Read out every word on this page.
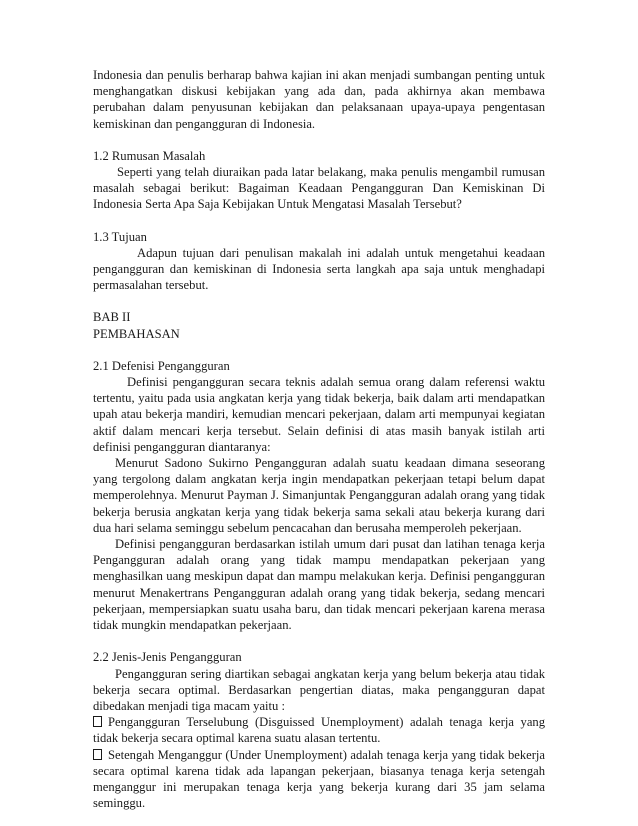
Indonesia dan penulis berharap bahwa kajian ini akan menjadi sumbangan penting untuk menghangatkan diskusi kebijakan yang ada dan, pada akhirnya akan membawa perubahan dalam penyusunan kebijakan dan pelaksanaan upaya-upaya pengentasan kemiskinan dan pengangguran di Indonesia.

1.2 Rumusan Masalah

Seperti yang telah diuraikan pada latar belakang, maka penulis mengambil rumusan masalah sebagai berikut: Bagaiman Keadaan Pengangguran Dan Kemiskinan Di Indonesia Serta Apa Saja Kebijakan Untuk Mengatasi Masalah Tersebut?

1.3 Tujuan

Adapun tujuan dari penulisan makalah ini adalah untuk mengetahui keadaan pengangguran dan kemiskinan di Indonesia serta langkah apa saja untuk menghadapi permasalahan tersebut.

BAB II

PEMBAHASAN

2.1 Defenisi Pengangguran

Definisi pengangguran secara teknis adalah semua orang dalam referensi waktu tertentu, yaitu pada usia angkatan kerja yang tidak bekerja, baik dalam arti mendapatkan upah atau bekerja mandiri, kemudian mencari pekerjaan, dalam arti mempunyai kegiatan aktif dalam mencari kerja tersebut. Selain definisi di atas masih banyak istilah arti definisi pengangguran diantaranya:

Menurut Sadono Sukirno Pengangguran adalah suatu keadaan dimana seseorang yang tergolong dalam angkatan kerja ingin mendapatkan pekerjaan tetapi belum dapat memperolehnya. Menurut Payman J. Simanjuntak Pengangguran adalah orang yang tidak bekerja berusia angkatan kerja yang tidak bekerja sama sekali atau bekerja kurang dari dua hari selama seminggu sebelum pencacahan dan berusaha memperoleh pekerjaan.

Definisi pengangguran berdasarkan istilah umum dari pusat dan latihan tenaga kerja Pengangguran adalah orang yang tidak mampu mendapatkan pekerjaan yang menghasilkan uang meskipun dapat dan mampu melakukan kerja. Definisi pengangguran menurut Menakertrans Pengangguran adalah orang yang tidak bekerja, sedang mencari pekerjaan, mempersiapkan suatu usaha baru, dan tidak mencari pekerjaan karena merasa tidak mungkin mendapatkan pekerjaan.

2.2 Jenis-Jenis Pengangguran

Pengangguran sering diartikan sebagai angkatan kerja yang belum bekerja atau tidak bekerja secara optimal. Berdasarkan pengertian diatas, maka pengangguran dapat dibedakan menjadi tiga macam yaitu :

Pengangguran Terselubung (Disguissed Unemployment) adalah tenaga kerja yang tidak bekerja secara optimal karena suatu alasan tertentu.

Setengah Menganggur (Under Unemployment) adalah tenaga kerja yang tidak bekerja secara optimal karena tidak ada lapangan pekerjaan, biasanya tenaga kerja setengah menganggur ini merupakan tenaga kerja yang bekerja kurang dari 35 jam selama seminggu.
